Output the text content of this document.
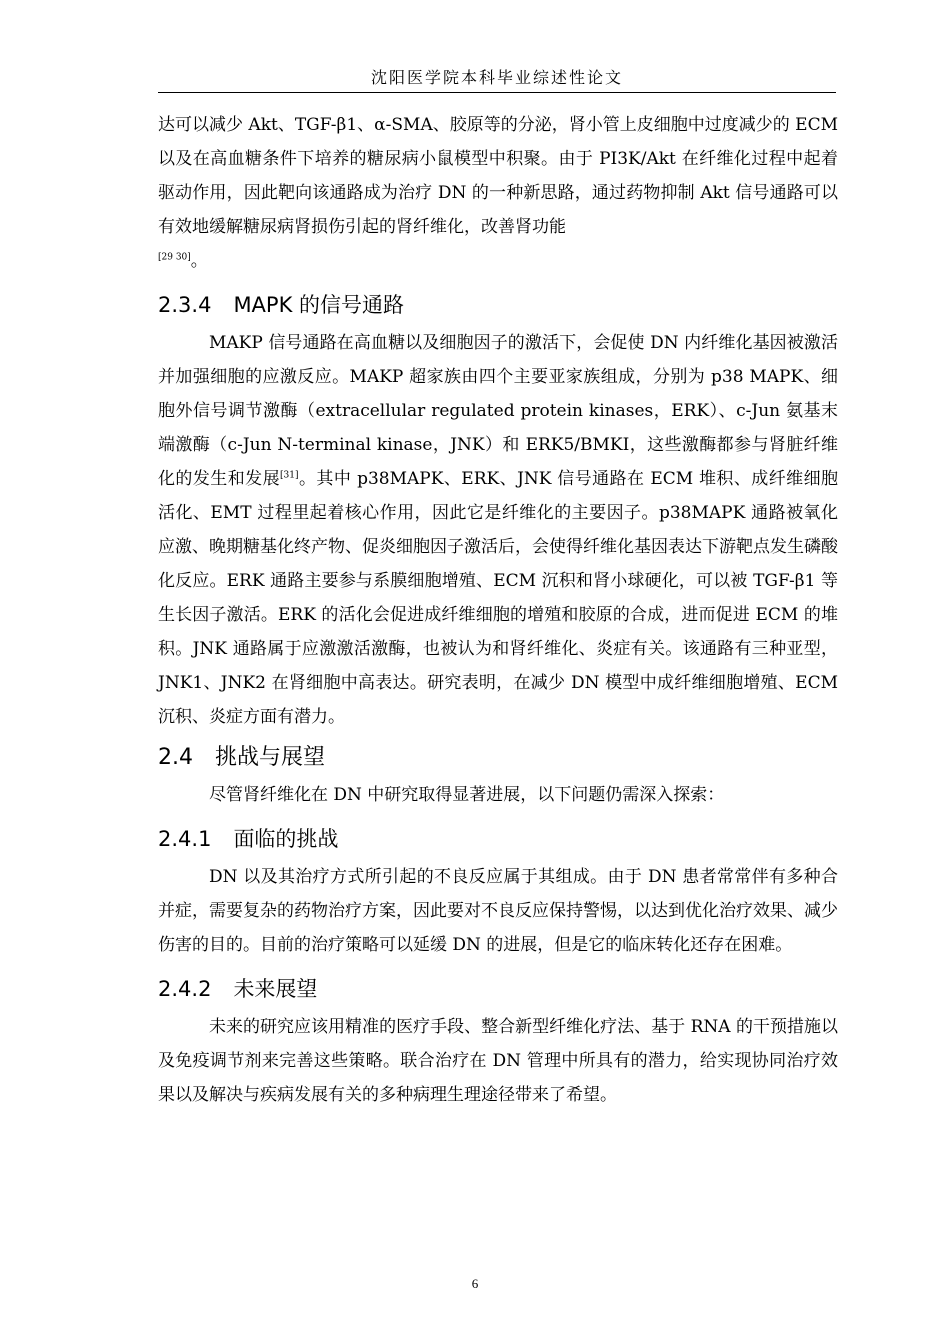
沈阳医学院本科毕业综述性论文

达可以减少 Akt、TGF-β1、α-SMA、胶原等的分泌，肾小管上皮细胞中过度减少的 ECM 以及在高血糖条件下培养的糖尿病小鼠模型中积聚。由于 PI3K/Akt 在纤维化过程中起着驱动作用，因此靶向该通路成为治疗 DN 的一种新思路，通过药物抑制 Akt 信号通路可以有效地缓解糖尿病肾损伤引起的肾纤维化，改善肾功能
[29 30]。

2.3.4 MAPK 的信号通路

MAKP 信号通路在高血糖以及细胞因子的激活下，会促使 DN 内纤维化基因被激活并加强细胞的应激反应。MAKP 超家族由四个主要亚家族组成，分别为 p38 MAPK、细胞外信号调节激酶（extracellular regulated protein kinases，ERK）、c-Jun 氨基末端激酶（c-Jun N-terminal kinase，JNK）和 ERK5/BMKI，这些激酶都参与肾脏纤维化的发生和发展[31]。其中 p38MAPK、ERK、JNK 信号通路在 ECM 堆积、成纤维细胞活化、EMT 过程里起着核心作用，因此它是纤维化的主要因子。p38MAPK 通路被氧化应激、晚期糖基化终产物、促炎细胞因子激活后，会使得纤维化基因表达下游靶点发生磷酸化反应。ERK 通路主要参与系膜细胞增殖、ECM 沉积和肾小球硬化，可以被 TGF-β1 等生长因子激活。ERK 的活化会促进成纤维细胞的增殖和胶原的合成，进而促进 ECM 的堆积。JNK 通路属于应激激活激酶，也被认为和肾纤维化、炎症有关。该通路有三种亚型，JNK1、JNK2 在肾细胞中高表达。研究表明，在减少 DN 模型中成纤维细胞增殖、ECM 沉积、炎症方面有潜力。

2.4 挑战与展望

尽管肾纤维化在 DN 中研究取得显著进展，以下问题仍需深入探索：

2.4.1 面临的挑战

DN 以及其治疗方式所引起的不良反应属于其组成。由于 DN 患者常常伴有多种合并症，需要复杂的药物治疗方案，因此要对不良反应保持警惕，以达到优化治疗效果、减少伤害的目的。目前的治疗策略可以延缓 DN 的进展，但是它的临床转化还存在困难。

2.4.2 未来展望

未来的研究应该用精准的医疗手段、整合新型纤维化疗法、基于 RNA 的干预措施以及免疫调节剂来完善这些策略。联合治疗在 DN 管理中所具有的潜力，给实现协同治疗效果以及解决与疾病发展有关的多种病理生理途径带来了希望。

6
